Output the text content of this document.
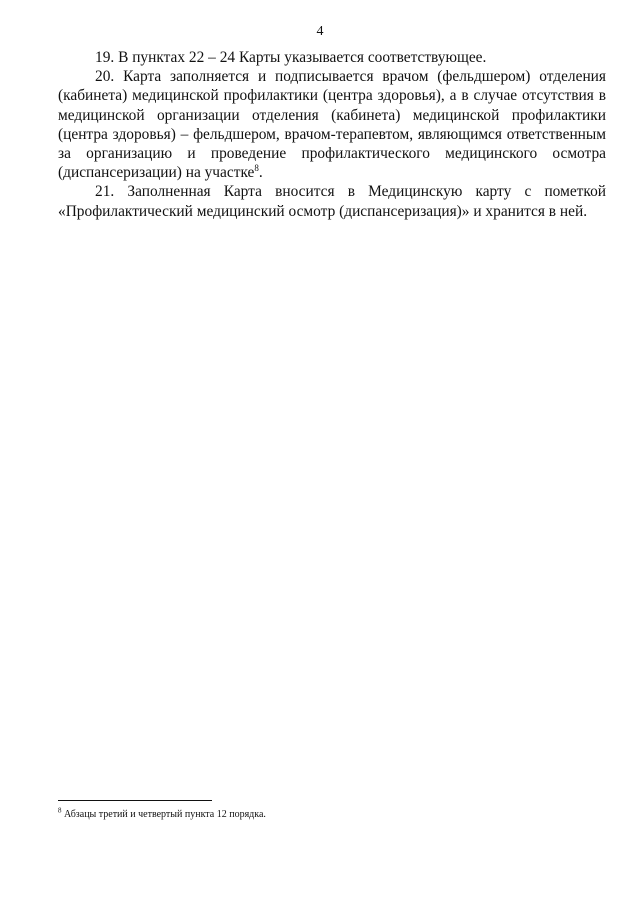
4

19. В пунктах 22 – 24 Карты указывается соответствующее.

20. Карта заполняется и подписывается врачом (фельдшером) отделения (кабинета) медицинской профилактики (центра здоровья), а в случае отсутствия в медицинской организации отделения (кабинета) медицинской профилактики (центра здоровья) – фельдшером, врачом-терапевтом, являющимся ответственным за организацию и проведение профилактического медицинского осмотра (диспансеризации) на участке$^8$.

21. Заполненная Карта вносится в Медицинскую карту с пометкой «Профилактический медицинский осмотр (диспансеризация)» и хранится в ней.

$^8$ Абзацы третий и четвертый пункта 12 порядка.
